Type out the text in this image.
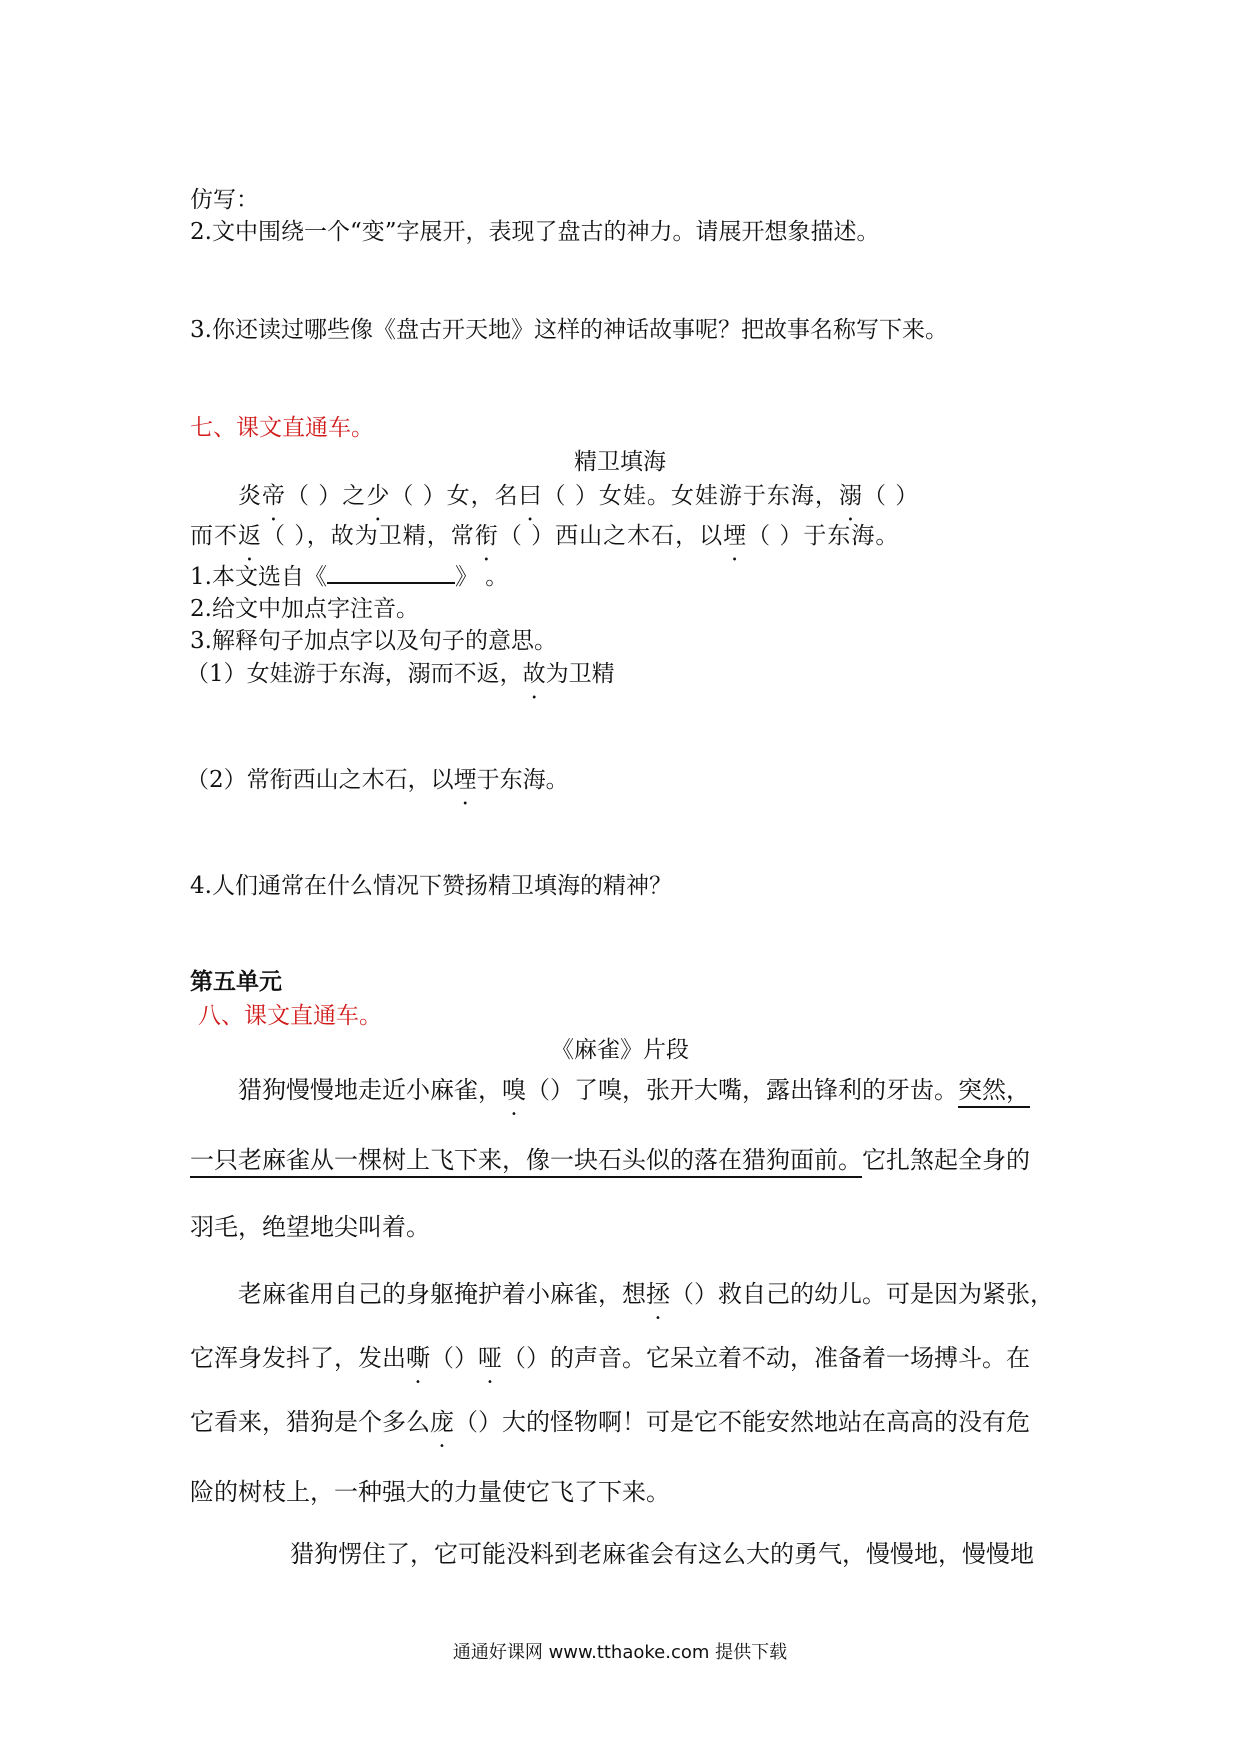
仿写：
2.文中围绕一个“变”字展开，表现了盘古的神力。请展开想象描述。
3.你还读过哪些像《盘古开天地》这样的神话故事呢？把故事名称写下来。
七、课文直通车。
精卫填海
炎帝（ ）之少（ ）女，名曰（ ）女娃。女娃游于东海，溺（ ）
而不返（ ），故为卫精，常衔（ ）西山之木石，以堙（ ）于东海。
1.本文选自《	》 。
2.给文中加点字注音。
3.解释句子加点字以及句子的意思。
（1）女娃游于东海，溺而不返，故为卫精
（2）常衔西山之木石，以堙于东海。
4.人们通常在什么情况下赞扬精卫填海的精神？
第五单元
八、课文直通车。
《麻雀》片段
猎狗慢慢地走近小麻雀，嗅（）了嗅，张开大嘴，露出锋利的牙齿。突然，
一只老麻雀从一棵树上飞下来，像一块石头似的落在猎狗面前。它扎煞起全身的
羽毛，绝望地尖叫着。
老麻雀用自己的身躯掩护着小麻雀，想拯（）救自己的幼儿。可是因为紧张，
它浑身发抖了，发出嘶（）哑（）的声音。它呆立着不动，准备着一场搏斗。在
它看来，猎狗是个多么庞（）大的怪物啊！可是它不能安然地站在高高的没有危
险的树枝上，一种强大的力量使它飞了下来。
猎狗愣住了，它可能没料到老麻雀会有这么大的勇气，慢慢地，慢慢地
通通好课网 www.tthaoke.com 提供下载
